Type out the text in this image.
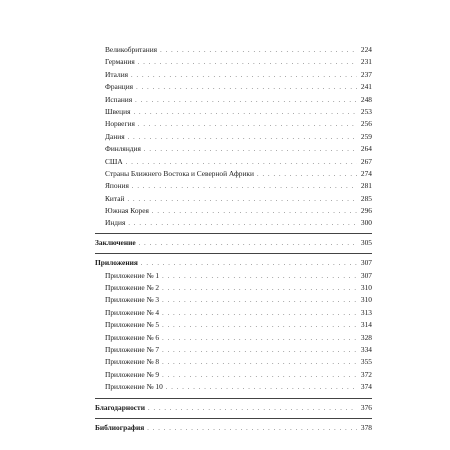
Великобритания . . .	224
Германия . . .	231
Италия . . .	237
Франция . . .	241
Испания . . .	248
Швеция . . .	253
Норвегия . . .	256
Дания . . .	259
Финляндия . . .	264
США . . .	267
Страны Ближнего Востока и Северной Африки . . .	274
Япония . . .	281
Китай . . .	285
Южная Корея . . .	296
Индия . . .	300
Заключение . . .	305
Приложения . . .	307
Приложение № 1 . . .	307
Приложение № 2 . . .	310
Приложение № 3 . . .	310
Приложение № 4 . . .	313
Приложение № 5 . . .	314
Приложение № 6 . . .	328
Приложение № 7 . . .	334
Приложение № 8 . . .	355
Приложение № 9 . . .	372
Приложение № 10 . . .	374
Благодарности . . .	376
Библиография . . .	378
